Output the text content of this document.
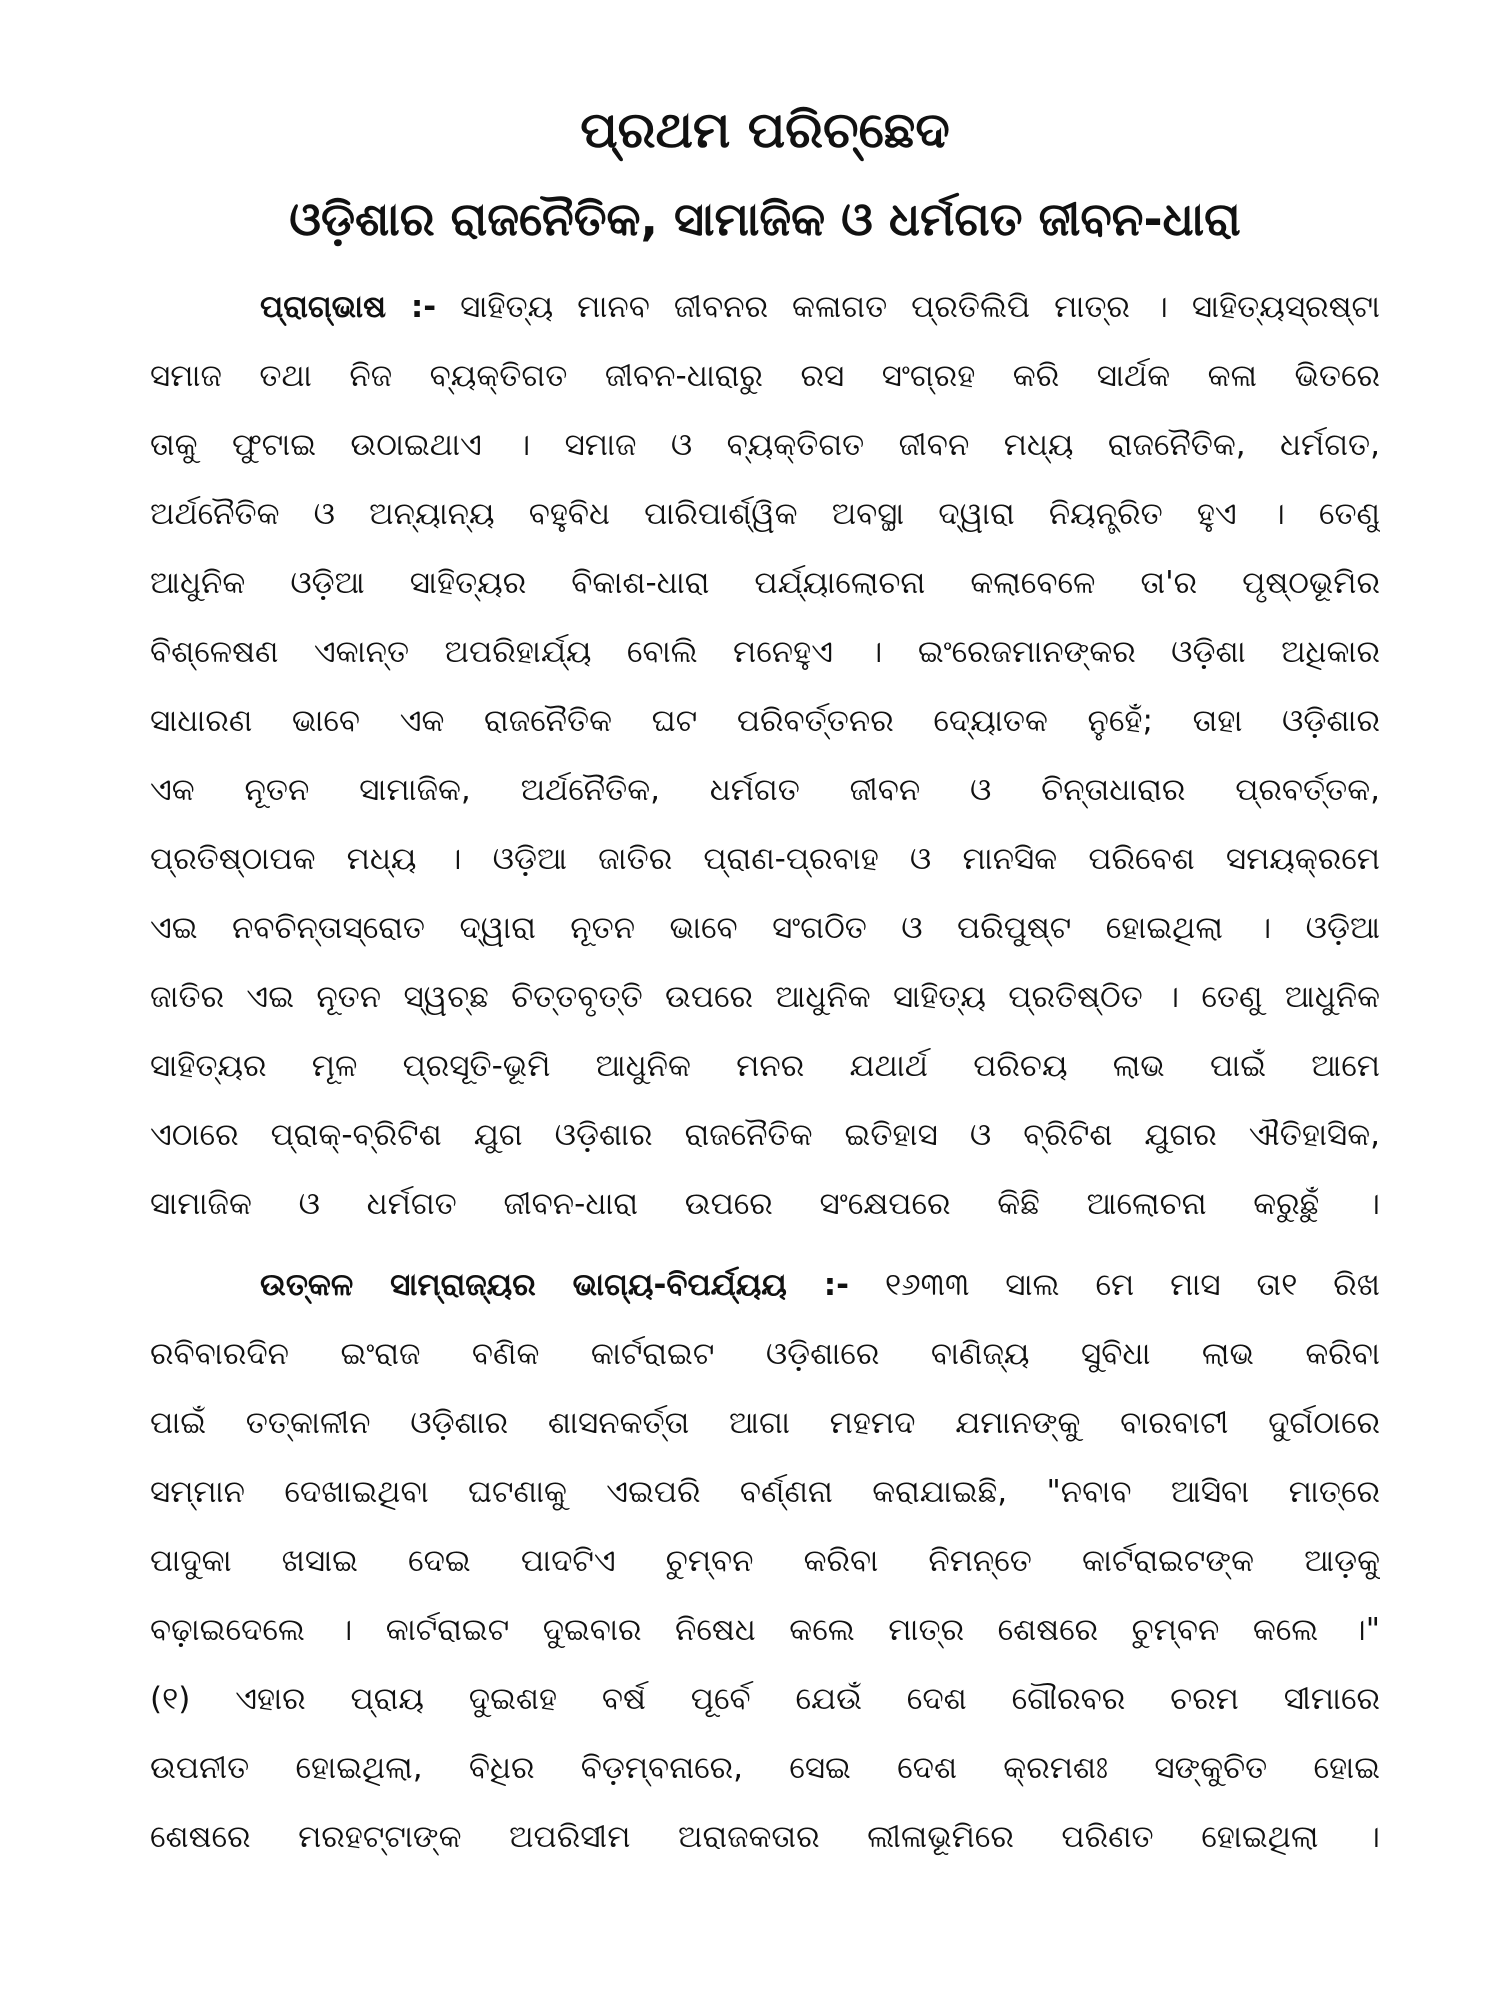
ପ୍ରଥମ ପରିଚ୍ଛେଦ
ଓଡ଼ିଶାର ରାଜନୈତିକ, ସାମାଜିକ ଓ ଧର୍ମଗତ ଜୀବନ-ଧାରା
ପ୍ରାଗ୍‌ଭାଷ :- ସାହିତ୍ୟ ମାନବ ଜୀବନର କଳାଗତ ପ୍ରତିଲିପି ମାତ୍ର । ସାହିତ୍ୟସ୍ରଷ୍ଟା
ସମାଜ ତଥା ନିଜ ବ୍ୟକ୍ତିଗତ ଜୀବନ-ଧାରାରୁ ରସ ସଂଗ୍ରହ କରି ସାର୍ଥକ କଳା ଭିତରେ
ତାକୁ ଫୁଟାଇ ଉଠାଇଥାଏ । ସମାଜ ଓ ବ୍ୟକ୍ତିଗତ ଜୀବନ ମଧ୍ୟ ରାଜନୈତିକ, ଧର୍ମଗତ,
ଅର୍ଥନୈତିକ ଓ ଅନ୍ୟାନ୍ୟ ବହୁବିଧ ପାରିପାର୍ଶ୍ୱିକ ଅବସ୍ଥା ଦ୍ୱାରା ନିୟନ୍ତ୍ରିତ ହୁଏ । ତେଣୁ
ଆଧୁନିକ ଓଡ଼ିଆ ସାହିତ୍ୟର ବିକାଶ-ଧାରା ପର୍ଯ୍ୟାଲୋଚନା କଲାବେଳେ ତା'ର ପୃଷ୍ଠଭୂମିର
ବିଶ୍ଳେଷଣ ଏକାନ୍ତ ଅପରିହାର୍ଯ୍ୟ ବୋଲି ମନେହୁଏ । ଇଂରେଜମାନଙ୍କର ଓଡ଼ିଶା ଅଧିକାର
ସାଧାରଣ ଭାବେ ଏକ ରାଜନୈତିକ ଘଟ ପରିବର୍ତ୍ତନର ଦ୍ୟୋତକ ନୁହେଁ; ତାହା ଓଡ଼ିଶାର
ଏକ ନୂତନ ସାମାଜିକ, ଅର୍ଥନୈତିକ, ଧର୍ମଗତ ଜୀବନ ଓ ଚିନ୍ତାଧାରାର ପ୍ରବର୍ତ୍ତକ,
ପ୍ରତିଷ୍ଠାପକ ମଧ୍ୟ । ଓଡ଼ିଆ ଜାତିର ପ୍ରାଣ-ପ୍ରବାହ ଓ ମାନସିକ ପରିବେଶ ସମୟକ୍ରମେ
ଏଇ ନବଚିନ୍ତାସ୍ରୋତ ଦ୍ୱାରା ନୂତନ ଭାବେ ସଂଗଠିତ ଓ ପରିପୁଷ୍ଟ ହୋଇଥିଲା । ଓଡ଼ିଆ
ଜାତିର ଏଇ ନୂତନ ସ୍ୱଚ୍ଛ ଚିତ୍ତବୃତ୍ତି ଉପରେ ଆଧୁନିକ ସାହିତ୍ୟ ପ୍ରତିଷ୍ଠିତ । ତେଣୁ ଆଧୁନିକ
ସାହିତ୍ୟର ମୂଳ ପ୍ରସୂତି-ଭୂମି ଆଧୁନିକ ମନର ଯଥାର୍ଥ ପରିଚୟ ଲାଭ ପାଇଁ ଆମେ
ଏଠାରେ ପ୍ରାକ୍-ବ୍ରିଟିଶ ଯୁଗ ଓଡ଼ିଶାର ରାଜନୈତିକ ଇତିହାସ ଓ ବ୍ରିଟିଶ ଯୁଗର ଐତିହାସିକ,
ସାମାଜିକ ଓ ଧର୍ମଗତ ଜୀବନ-ଧାରା ଉପରେ ସଂକ୍ଷେପରେ କିଛି ଆଲୋଚନା କରୁଛୁଁ ।
ଉତ୍କଳ ସାମ୍ରାଜ୍ୟର ଭାଗ୍ୟ-ବିପର୍ଯ୍ୟୟ :- ୧୬୩୩ ସାଲ ମେ ମାସ ତା୧ ରିଖ
ରବିବାରଦିନ ଇଂରାଜ ବଣିକ କାର୍ଟରାଇଟ ଓଡ଼ିଶାରେ ବାଣିଜ୍ୟ ସୁବିଧା ଲାଭ କରିବା
ପାଇଁ ତତ୍‌କାଳୀନ ଓଡ଼ିଶାର ଶାସନକର୍ତ୍ତା ଆଗା ମହମଦ ଯମାନଙ୍କୁ ବାରବାଟୀ ଦୁର୍ଗଠାରେ
ସମ୍ମାନ ଦେଖାଇଥିବା ଘଟଣାକୁ ଏଇପରି ବର୍ଣ୍ଣନା କରାଯାଇଛି, "ନବାବ ଆସିବା ମାତ୍ରେ
ପାଦୁକା ଖସାଇ ଦେଇ ପାଦଟିଏ ଚୁମ୍ବନ କରିବା ନିମନ୍ତେ କାର୍ଟରାଇଟଙ୍କ ଆଡ଼କୁ
ବଢ଼ାଇଦେଲେ । କାର୍ଟରାଇଟ ଦୁଇବାର ନିଷେଧ କଲେ ମାତ୍ର ଶେଷରେ ଚୁମ୍ବନ କଲେ ।"
(୧) ଏହାର ପ୍ରାୟ ଦୁଇଶହ ବର୍ଷ ପୂର୍ବେ ଯେଉଁ ଦେଶ ଗୌରବର ଚରମ ସୀମାରେ
ଉପନୀତ ହୋଇଥିଲା, ବିଧିର ବିଡ଼ମ୍ବନାରେ, ସେଇ ଦେଶ କ୍ରମଶଃ ସଙ୍କୁଚିତ ହୋଇ
ଶେଷରେ ମରହଟ୍ଟାଙ୍କ ଅପରିସୀମ ଅରାଜକତାର ଲୀଳାଭୂମିରେ ପରିଣତ ହୋଇଥିଲା ।
